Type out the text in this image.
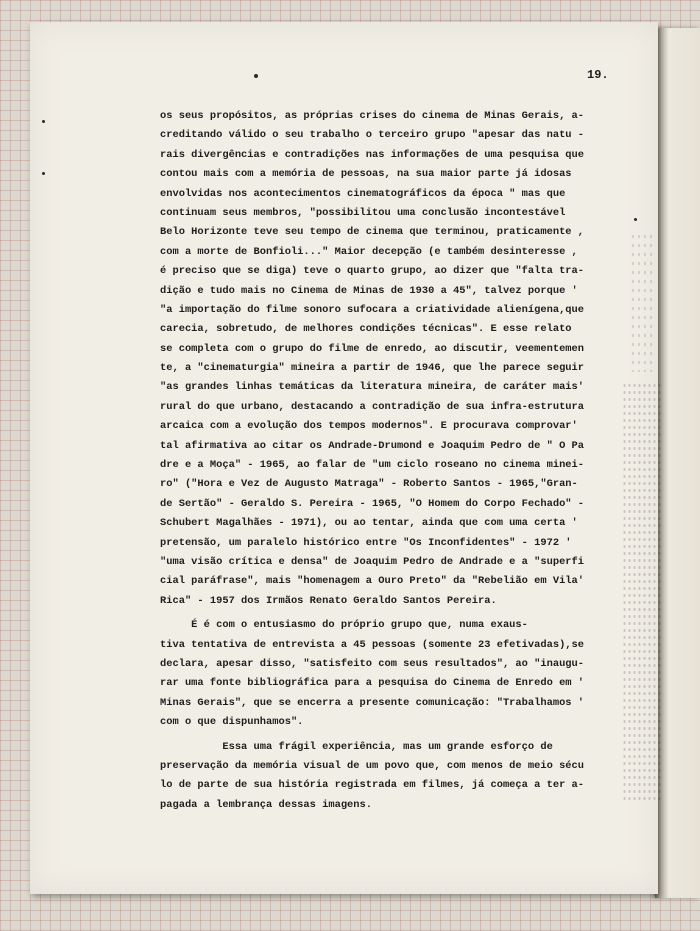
19.
os seus propósitos, as próprias crises do cinema de Minas Gerais, a-
creditando válido o seu trabalho o terceiro grupo "apesar das natu -
rais divergências e contradições nas informações de uma pesquisa que
contou mais com a memória de pessoas, na sua maior parte já idosas
envolvidas nos acontecimentos cinematográficos da época " mas que
continuam seus membros, "possibilitou uma conclusão incontestável
Belo Horizonte teve seu tempo de cinema que terminou, praticamente ,
com a morte de Bonfioli..." Maior decepção (e também desinteresse ,
é preciso que se diga) teve o quarto grupo, ao dizer que "falta tra-
dição e tudo mais no Cinema de Minas de 1930 a 45", talvez porque '
"a importação do filme sonoro sufocara a criatividade alienígena,que
carecia, sobretudo, de melhores condições técnicas". E esse relato
se completa com o grupo do filme de enredo, ao discutir, veementemen
te, a "cinematurgia" mineira a partir de 1946, que lhe parece seguir
"as grandes linhas temáticas da literatura mineira, de caráter mais'
rural do que urbano, destacando a contradição de sua infra-estrutura
arcaica com a evolução dos tempos modernos". E procurava comprovar'
tal afirmativa ao citar os Andrade-Drumond e Joaquim Pedro de " O Pa
dre e a Moça" - 1965, ao falar de "um ciclo roseano no cinema minei-
ro" ("Hora e Vez de Augusto Matraga" - Roberto Santos - 1965,"Gran-
de Sertão" - Geraldo S. Pereira - 1965, "O Homem do Corpo Fechado" -
Schubert Magalhães - 1971), ou ao tentar, ainda que com uma certa '
pretensão, um paralelo histórico entre "Os Inconfidentes" - 1972 '
"uma visão crítica e densa" de Joaquim Pedro de Andrade e a "superfi
cial paráfrase", mais "homenagem a Ouro Preto" da "Rebelião em Vila'
Rica" - 1957 dos Irmãos Renato Geraldo Santos Pereira.
É é com o entusiasmo do próprio grupo que, numa exaus-
tiva tentativa de entrevista a 45 pessoas (somente 23 efetivadas),se
declara, apesar disso, "satisfeito com seus resultados", ao "inaugu-
rar uma fonte bibliográfica para a pesquisa do Cinema de Enredo em '
Minas Gerais", que se encerra a presente comunicação: "Trabalhamos '
com o que dispunhamos".
Essa uma frágil experiência, mas um grande esforço de
preservação da memória visual de um povo que, com menos de meio sécu
lo de parte de sua história registrada em filmes, já começa a ter a-
pagada a lembrança dessas imagens.
